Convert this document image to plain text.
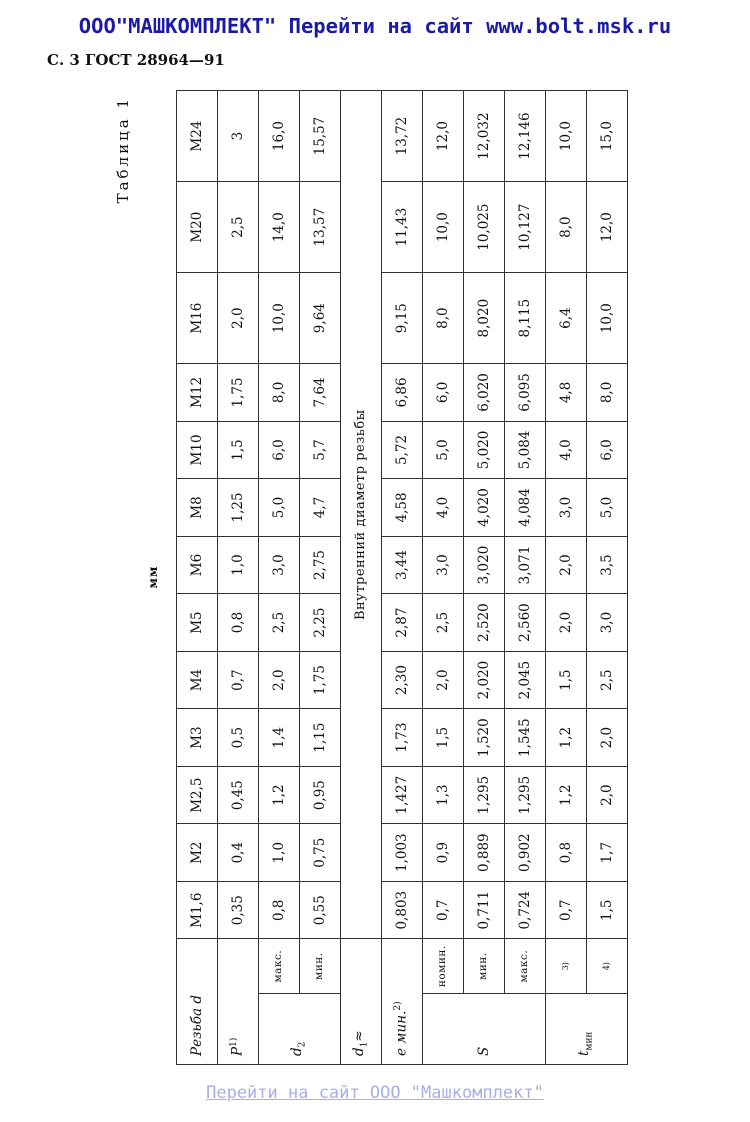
ООО"МАШКОМПЛЕКТ" Перейти на сайт www.bolt.msk.ru
С. 3 ГОСТ 28964—91
Таблица 1
мм
Резьба d		M1,6	M2	M2,5	M3	M4	M5	M6	M8	M10	M12	M16	M20	M24
$P^{1)}$		0,35	0,4	0,45	0,5	0,7	0,8	1,0	1,25	1,5	1,75	2,0	2,5	3
$d_2$	макс.	0,8	1,0	1,2	1,4	2,0	2,5	3,0	5,0	6,0	8,0	10,0	14,0	16,0
	мин.	0,55	0,75	0,95	1,15	1,75	2,25	2,75	4,7	5,7	7,64	9,64	13,57	15,57
$d_1\approx$		Внутренний диаметр резьбы												
e мин.$^{2)}$		0,803	1,003	1,427	1,73	2,30	2,87	3,44	4,58	5,72	6,86	9,15	11,43	13,72
S	номин.	0,7	0,9	1,3	1,5	2,0	2,5	3,0	4,0	5,0	6,0	8,0	10,0	12,0
	мин.	0,711	0,889	1,295	1,520	2,020	2,520	3,020	4,020	5,020	6,020	8,020	10,025	12,032
	макс.	0,724	0,902	1,295	1,545	2,045	2,560	3,071	4,084	5,084	6,095	8,115	10,127	12,146
$t_{мин}$	3)	0,7	0,8	1,2	1,2	1,5	2,0	2,0	3,0	4,0	4,8	6,4	8,0	10,0
	4)	1,5	1,7	2,0	2,0	2,5	3,0	3,5	5,0	6,0	8,0	10,0	12,0	15,0
Перейти на сайт ООО "Машкомплект"
